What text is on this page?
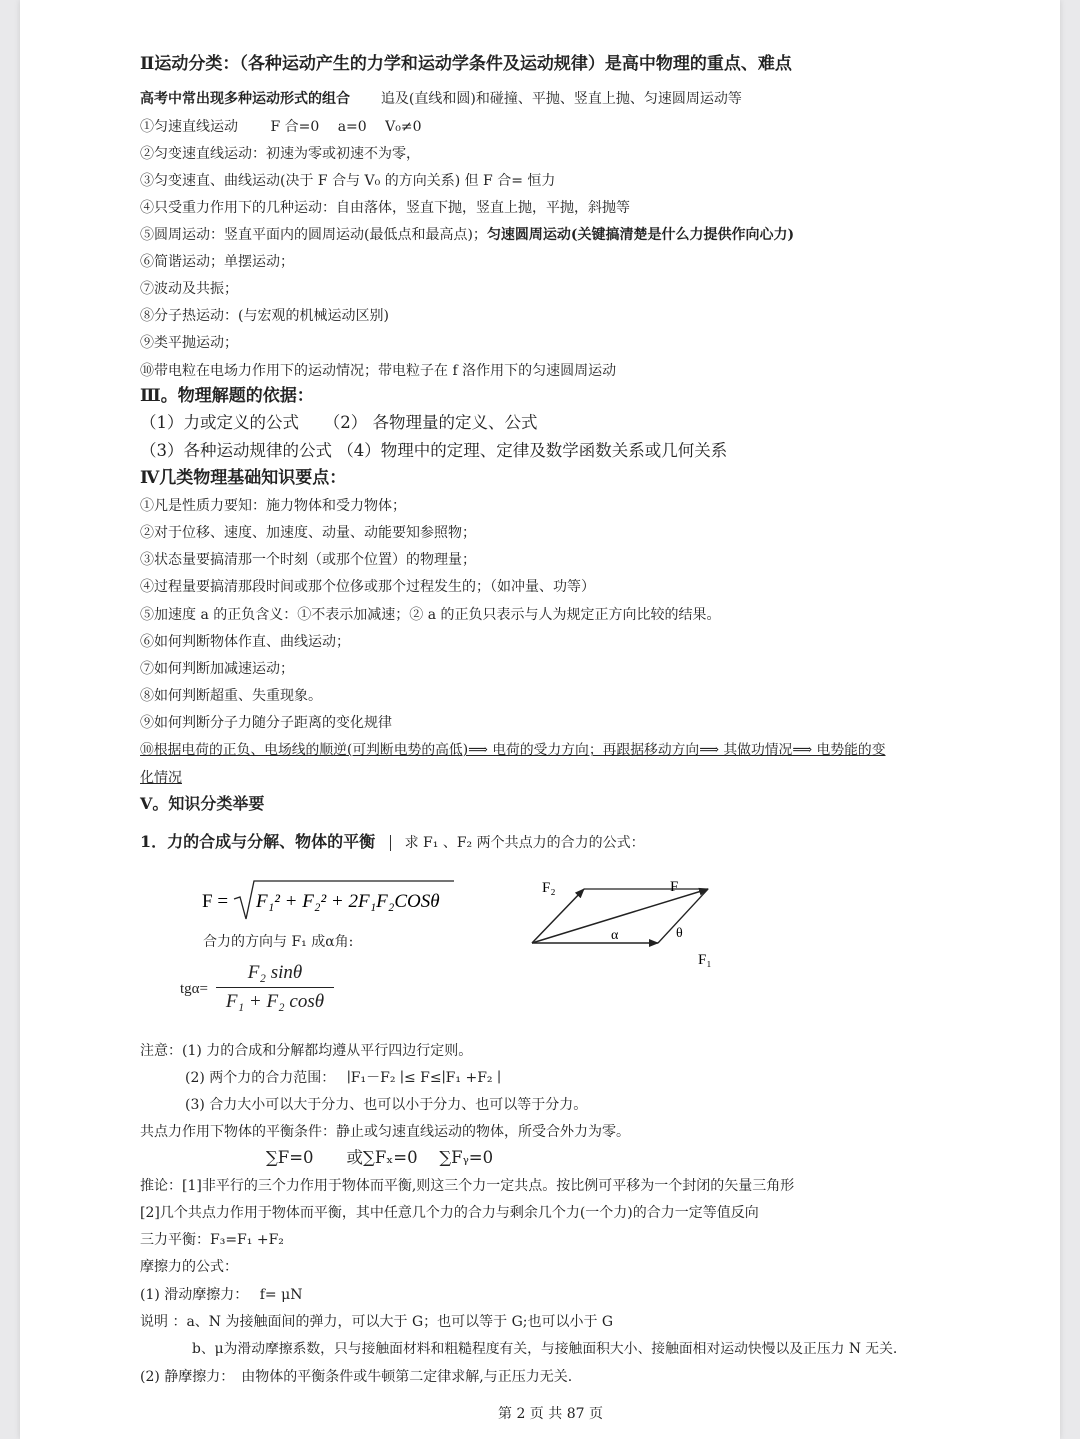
Ⅱ运动分类：（各种运动产生的力学和运动学条件及运动规律）是高中物理的重点、难点
高考中常出现多种运动形式的组合 追及(直线和圆)和碰撞、平抛、竖直上抛、匀速圆周运动等
①匀速直线运动　　 F 合=0　 a=0　 V₀≠0
②匀变速直线运动：初速为零或初速不为零，
③匀变速直、曲线运动(决于 F 合与 V₀ 的方向关系) 但 F 合= 恒力
④只受重力作用下的几种运动：自由落体，竖直下抛，竖直上抛，平抛，斜抛等
⑤圆周运动：竖直平面内的圆周运动(最低点和最高点)；匀速圆周运动(关键搞清楚是什么力提供作向心力)
⑥简谐运动；单摆运动；
⑦波动及共振；
⑧分子热运动：(与宏观的机械运动区别)
⑨类平抛运动；
⑩带电粒在电场力作用下的运动情况；带电粒子在 f 洛作用下的匀速圆周运动
Ⅲ。物理解题的依据：
（1）力或定义的公式　　（2） 各物理量的定义、公式
（3）各种运动规律的公式 （4）物理中的定理、定律及数学函数关系或几何关系
Ⅳ几类物理基础知识要点：
①凡是性质力要知：施力物体和受力物体；
②对于位移、速度、加速度、动量、动能要知参照物；
③状态量要搞清那一个时刻（或那个位置）的物理量；
④过程量要搞清那段时间或那个位侈或那个过程发生的；（如冲量、功等）
⑤加速度 a 的正负含义：①不表示加减速；② a 的正负只表示与人为规定正方向比较的结果。
⑥如何判断物体作直、曲线运动；
⑦如何判断加减速运动；
⑧如何判断超重、失重现象。
⑨如何判断分子力随分子距离的变化规律
⑩根据电荷的正负、电场线的顺逆(可判断电势的高低)⟹ 电荷的受力方向；再跟据移动方向⟹ 其做功情况⟹ 电势能的变
化情况
V。知识分类举要
1．力的合成与分解、物体的平衡 求 F₁ 、F₂ 两个共点力的合力的公式：
F = F₁² + F₂² + 2F₁F₂COSθ
合力的方向与 F₁ 成α角:
tgα=
F₂ sinθ
F₁ + F₂ cosθ
F₂	F
F₁
α	θ
注意：(1) 力的合成和分解都均遵从平行四边行定则。
(2) 两个力的合力范围：　 ∣F₁－F₂ ∣≤ F≤∣F₁ +F₂ ∣
(3) 合力大小可以大于分力、也可以小于分力、也可以等于分力。
共点力作用下物体的平衡条件：静止或匀速直线运动的物体，所受合外力为零。
∑F=0　　或∑Fₓ=0　 ∑Fᵧ=0
推论：[1]非平行的三个力作用于物体而平衡,则这三个力一定共点。按比例可平移为一个封闭的矢量三角形
[2]几个共点力作用于物体而平衡，其中任意几个力的合力与剩余几个力(一个力)的合力一定等值反向
三力平衡：F₃=F₁ +F₂
摩擦力的公式：
(1) 滑动摩擦力：　 f= μN
说明 ：a、N 为接触面间的弹力，可以大于 G；也可以等于 G;也可以小于 G
b、μ为滑动摩擦系数，只与接触面材料和粗糙程度有关，与接触面积大小、接触面相对运动快慢以及正压力 N 无关.
(2) 静摩擦力：　由物体的平衡条件或牛顿第二定律求解,与正压力无关.
第 2 页 共 87 页
